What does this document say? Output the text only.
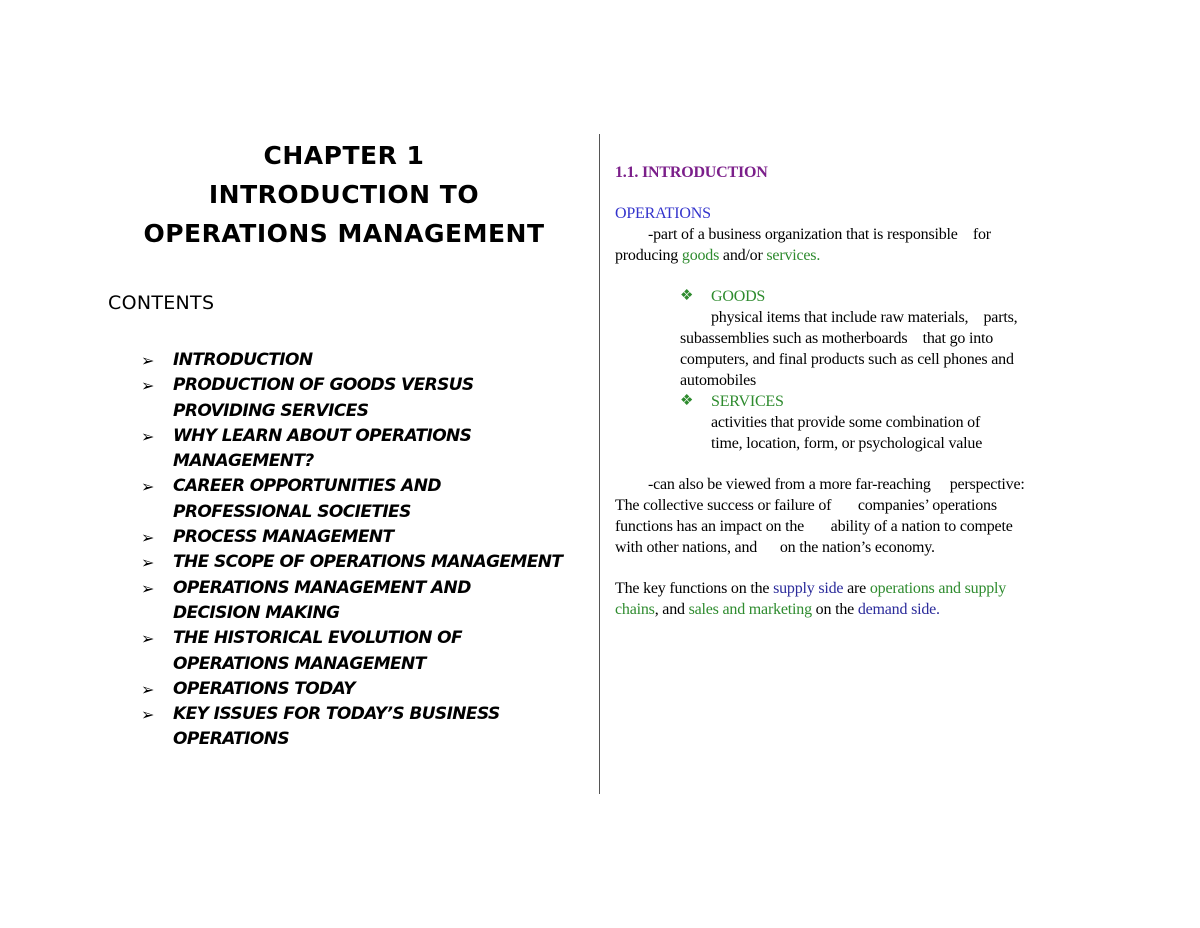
CHAPTER 1
INTRODUCTION TO
OPERATIONS MANAGEMENT
CONTENTS
➢ INTRODUCTION
➢ PRODUCTION OF GOODS VERSUS
PROVIDING SERVICES
➢ WHY LEARN ABOUT OPERATIONS
MANAGEMENT?
➢ CAREER OPPORTUNITIES AND
PROFESSIONAL SOCIETIES
➢ PROCESS MANAGEMENT
➢ THE SCOPE OF OPERATIONS MANAGEMENT
➢ OPERATIONS MANAGEMENT AND
DECISION MAKING
➢ THE HISTORICAL EVOLUTION OF
OPERATIONS MANAGEMENT
➢ OPERATIONS TODAY
➢ KEY ISSUES FOR TODAY’S BUSINESS
OPERATIONS

1.1. INTRODUCTION

OPERATIONS

-part of a business organization that is responsible    for

producing goods and/or services.

❖ GOODS

physical items that include raw materials,    parts,

subassemblies such as motherboards    that go into

computers, and final products such as cell phones and

automobiles

❖ SERVICES

activities that provide some combination of

time, location, form, or psychological value

-can also be viewed from a more far-reaching     perspective:

The collective success or failure of       companies’ operations

functions has an impact on the       ability of a nation to compete

with other nations, and      on the nation’s economy.

The key functions on the supply side are operations and supply

chains, and sales and marketing on the demand side.
